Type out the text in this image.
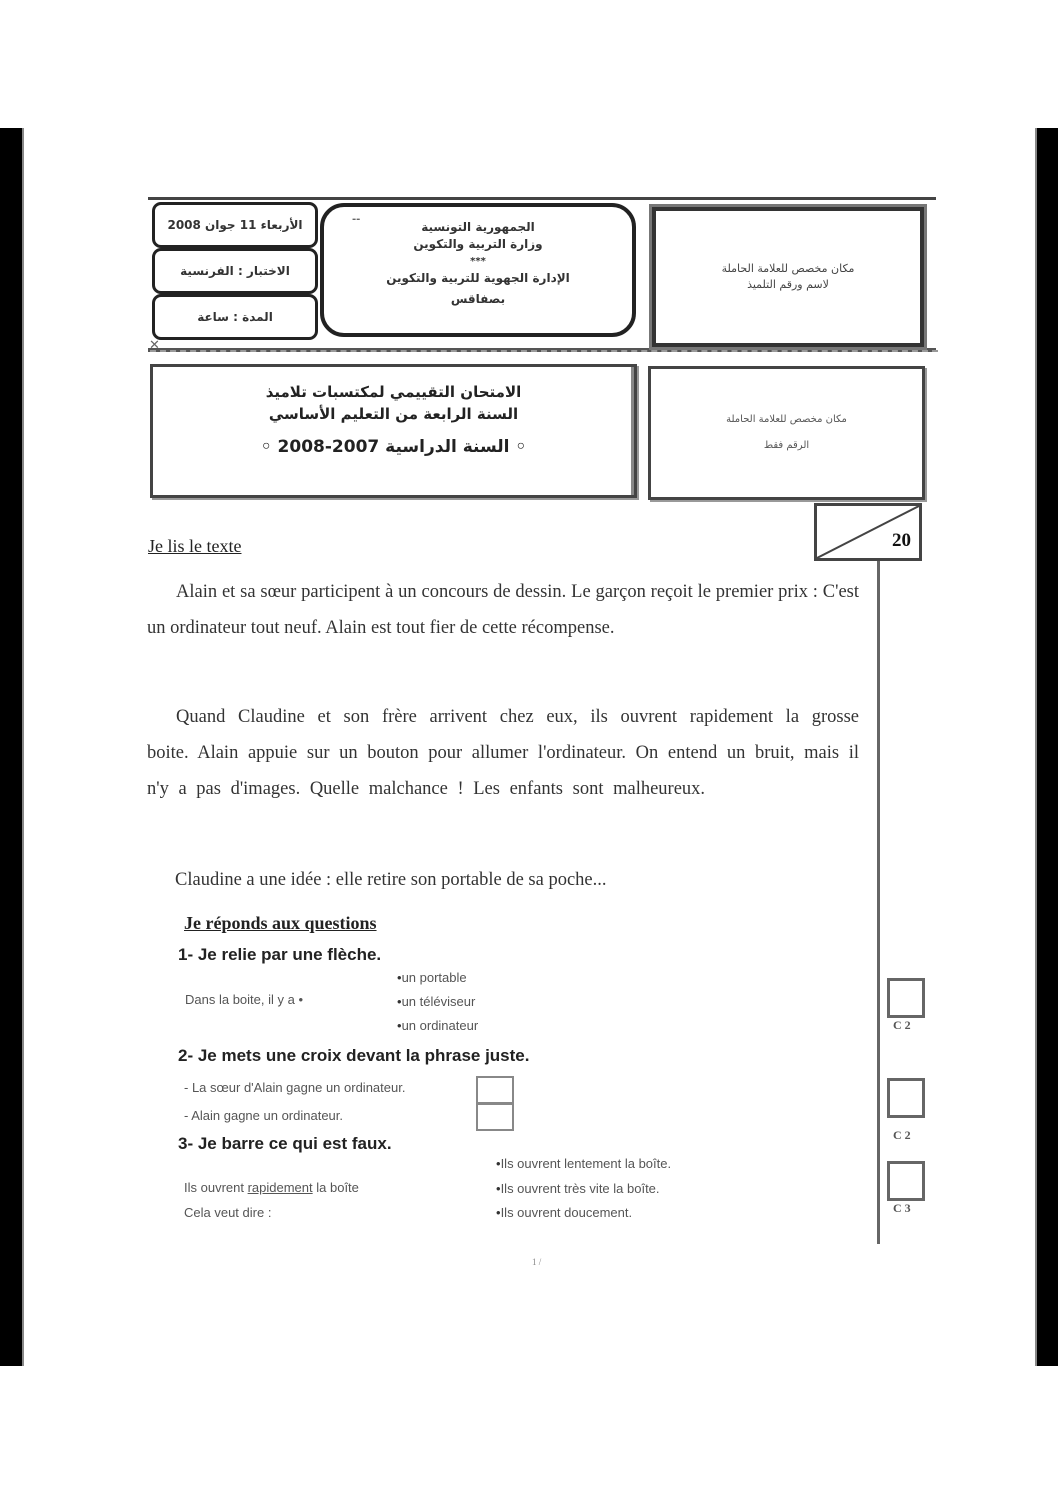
الأربعاء 11 جوان 2008
الاختبار : الفرنسية
المدة : ساعة
--
الجمهورية التونسية
وزارة التربية والتكوين
***
الإدارة الجهوية للتربية والتكوين
بصفاقس
مكان مخصص للعلامة الحاملة
لاسم ورقم التلميذ
✕
الامتحان التقييمي لمكتسبات تلاميذ
السنة الرابعة من التعليم الأساسي
◦ السنة الدراسية 2007-2008 ◦
مكان مخصص للعلامة الحاملة
الرقم فقط
20
Je lis le texte

Alain et sa sœur participent à un concours de dessin. Le garçon reçoit le premier prix : C'est un ordinateur tout neuf. Alain est tout fier de cette récompense.

Quand Claudine et son frère arrivent chez eux, ils ouvrent rapidement la grosse boite. Alain appuie sur un bouton pour allumer l'ordinateur. On entend un bruit, mais il n'y a pas d'images. Quelle malchance ! Les enfants sont malheureux.

Claudine a une idée : elle retire son portable de sa poche...

Je réponds aux questions
1- Je relie par une flèche.
Dans la boite, il y a •
• un portable
• un téléviseur
• un ordinateur
2- Je mets une croix devant la phrase juste.
- La sœur d'Alain gagne un ordinateur.
- Alain gagne un ordinateur.
3- Je barre ce qui est faux.
Ils ouvrent rapidement la boîte
Cela veut dire :
• Ils ouvrent lentement la boîte.
• Ils ouvrent très vite la boîte.
• Ils ouvrent doucement.
C 2
C 2
C 3
1 /
